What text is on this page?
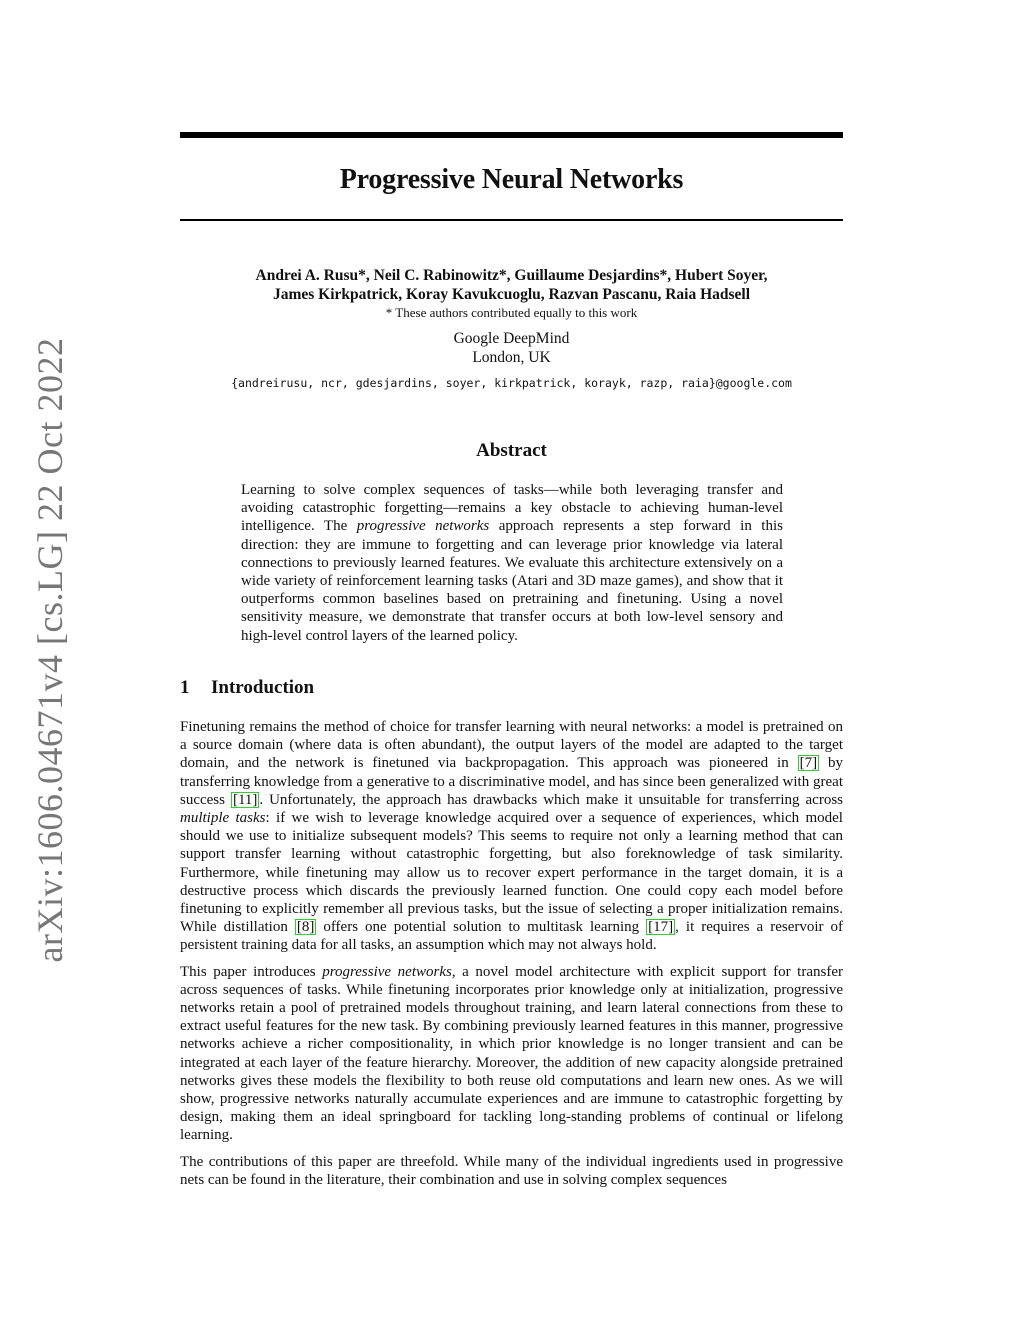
arXiv:1606.04671v4 [cs.LG] 22 Oct 2022
Progressive Neural Networks
Andrei A. Rusu*, Neil C. Rabinowitz*, Guillaume Desjardins*, Hubert Soyer,
James Kirkpatrick, Koray Kavukcuoglu, Razvan Pascanu, Raia Hadsell
* These authors contributed equally to this work
Google DeepMind
London, UK
{andreirusu, ncr, gdesjardins, soyer, kirkpatrick, korayk, razp, raia}@google.com
Abstract
Learning to solve complex sequences of tasks—while both leveraging transfer and avoiding catastrophic forgetting—remains a key obstacle to achieving human-level intelligence. The progressive networks approach represents a step forward in this direction: they are immune to forgetting and can leverage prior knowledge via lateral connections to previously learned features. We evaluate this architecture extensively on a wide variety of reinforcement learning tasks (Atari and 3D maze games), and show that it outperforms common baselines based on pretraining and finetuning. Using a novel sensitivity measure, we demonstrate that transfer occurs at both low-level sensory and high-level control layers of the learned policy.
1 Introduction

Finetuning remains the method of choice for transfer learning with neural networks: a model is pretrained on a source domain (where data is often abundant), the output layers of the model are adapted to the target domain, and the network is finetuned via backpropagation. This approach was pioneered in [7] by transferring knowledge from a generative to a discriminative model, and has since been generalized with great success [11] . Unfortunately, the approach has drawbacks which make it unsuitable for transferring across multiple tasks: if we wish to leverage knowledge acquired over a sequence of experiences, which model should we use to initialize subsequent models? This seems to require not only a learning method that can support transfer learning without catastrophic forgetting, but also foreknowledge of task similarity. Furthermore, while finetuning may allow us to recover expert performance in the target domain, it is a destructive process which discards the previously learned function. One could copy each model before finetuning to explicitly remember all previous tasks, but the issue of selecting a proper initialization remains. While distillation [8] offers one potential solution to multitask learning [17] , it requires a reservoir of persistent training data for all tasks, an assumption which may not always hold.

This paper introduces progressive networks, a novel model architecture with explicit support for transfer across sequences of tasks. While finetuning incorporates prior knowledge only at initialization, progressive networks retain a pool of pretrained models throughout training, and learn lateral connections from these to extract useful features for the new task. By combining previously learned features in this manner, progressive networks achieve a richer compositionality, in which prior knowledge is no longer transient and can be integrated at each layer of the feature hierarchy. Moreover, the addition of new capacity alongside pretrained networks gives these models the flexibility to both reuse old computations and learn new ones. As we will show, progressive networks naturally accumulate experiences and are immune to catastrophic forgetting by design, making them an ideal springboard for tackling long-standing problems of continual or lifelong learning.

The contributions of this paper are threefold. While many of the individual ingredients used in progressive nets can be found in the literature, their combination and use in solving complex sequences
